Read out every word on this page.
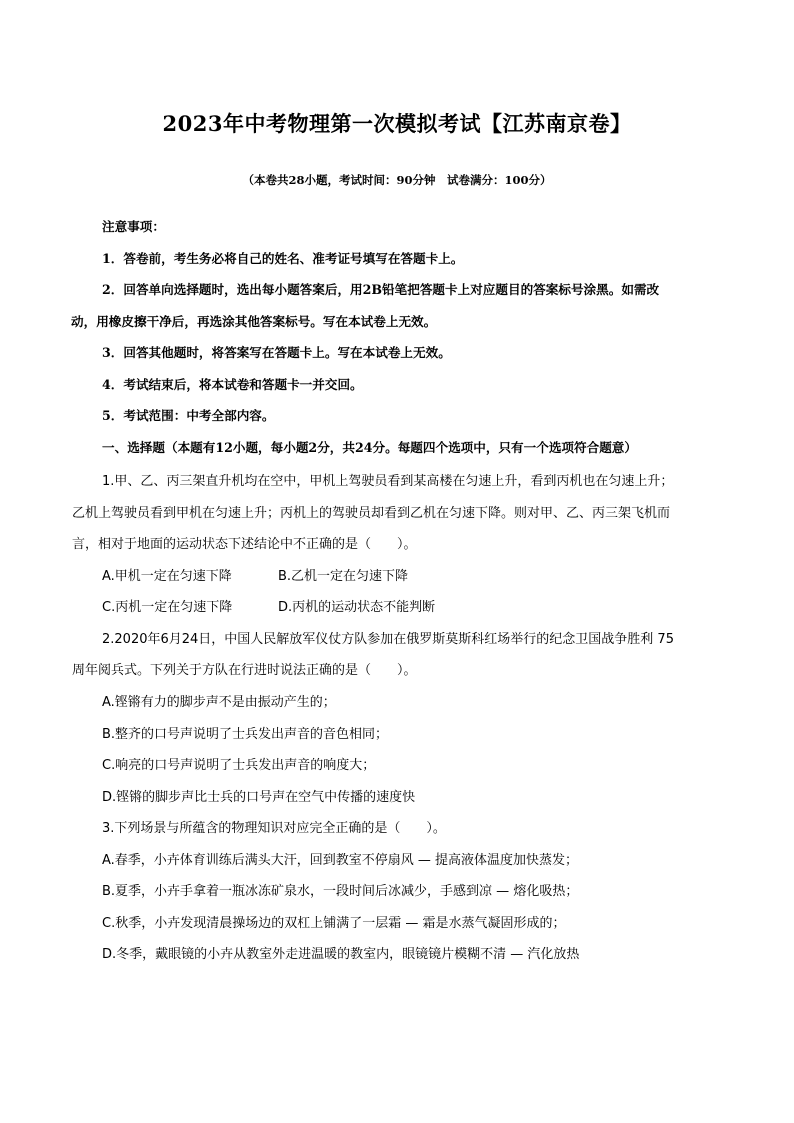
2023年中考物理第一次模拟考试【江苏南京卷】
（本卷共28小题，考试时间：90分钟　试卷满分：100分）
注意事项：
1．答卷前，考生务必将自己的姓名、准考证号填写在答题卡上。
2．回答单向选择题时，选出每小题答案后，用2B铅笔把答题卡上对应题目的答案标号涂黑。如需改
动，用橡皮擦干净后，再选涂其他答案标号。写在本试卷上无效。
3．回答其他题时，将答案写在答题卡上。写在本试卷上无效。
4．考试结束后，将本试卷和答题卡一并交回。
5．考试范围：中考全部内容。
一、选择题（本题有12小题，每小题2分，共24分。每题四个选项中，只有一个选项符合题意）
1.甲、乙、丙三架直升机均在空中，甲机上驾驶员看到某高楼在匀速上升，看到丙机也在匀速上升；
乙机上驾驶员看到甲机在匀速上升；丙机上的驾驶员却看到乙机在匀速下降。则对甲、乙、丙三架飞机而
言，相对于地面的运动状态下述结论中不正确的是（　　）。
A.甲机一定在匀速下降	B.乙机一定在匀速下降
C.丙机一定在匀速下降	D.丙机的运动状态不能判断
2.2020年6月24日，中国人民解放军仪仗方队参加在俄罗斯莫斯科红场举行的纪念卫国战争胜利 75
周年阅兵式。下列关于方队在行进时说法正确的是（　　）。
A.铿锵有力的脚步声不是由振动产生的；
B.整齐的口号声说明了士兵发出声音的音色相同；
C.响亮的口号声说明了士兵发出声音的响度大；
D.铿锵的脚步声比士兵的口号声在空气中传播的速度快
3.下列场景与所蕴含的物理知识对应完全正确的是（　　）。
A.春季，小卉体育训练后满头大汗，回到教室不停扇风 — 提高液体温度加快蒸发；
B.夏季，小卉手拿着一瓶冰冻矿泉水，一段时间后冰减少，手感到凉 — 熔化吸热；
C.秋季，小卉发现清晨操场边的双杠上铺满了一层霜 — 霜是水蒸气凝固形成的；
D.冬季，戴眼镜的小卉从教室外走进温暖的教室内，眼镜镜片模糊不清 — 汽化放热
